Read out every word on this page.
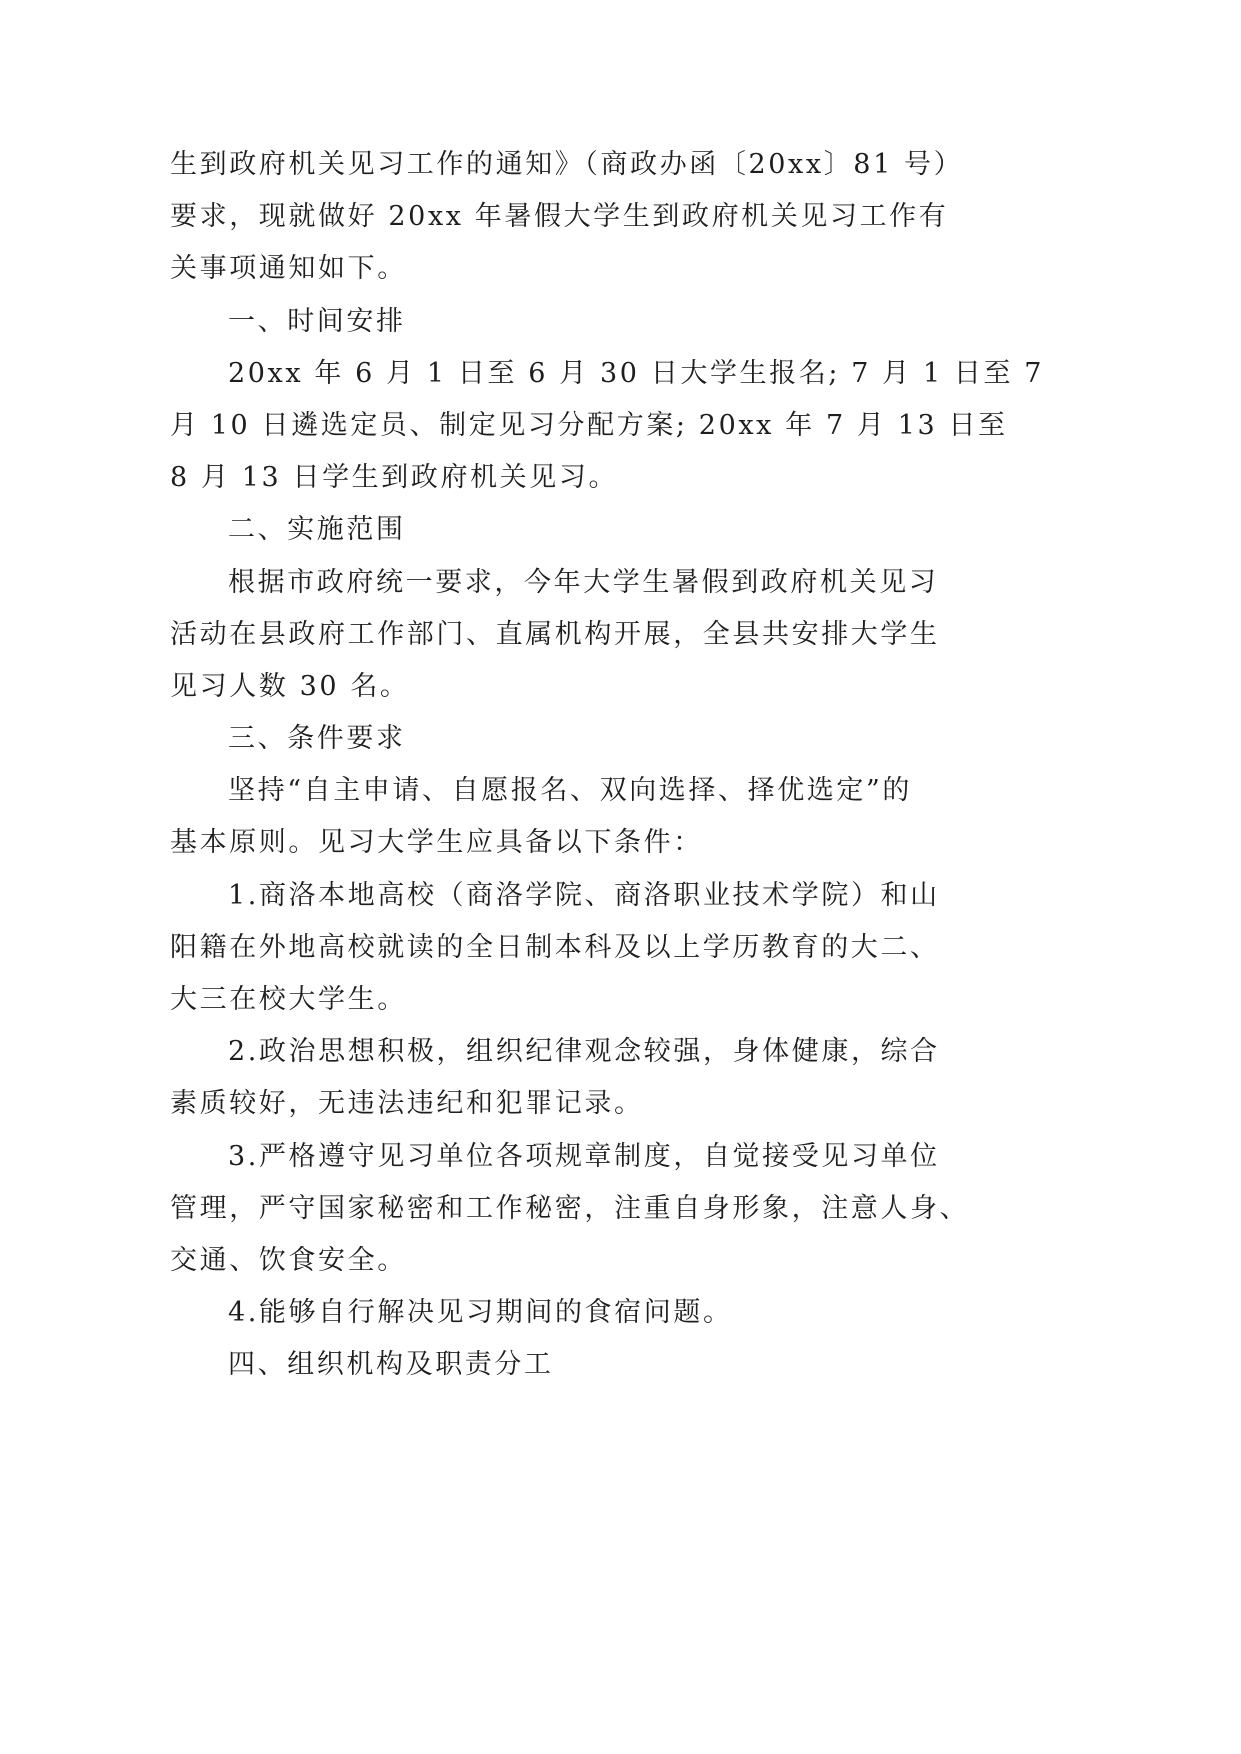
生到政府机关见习工作的通知》（商政办函〔20xx〕81 号）
要求，现就做好 20xx 年暑假大学生到政府机关见习工作有
关事项通知如下。
一、时间安排
20xx 年 6 月 1 日至 6 月 30 日大学生报名; 7 月 1 日至 7
月 10 日遴选定员、制定见习分配方案; 20xx 年 7 月 13 日至
8 月 13 日学生到政府机关见习。
二、实施范围
根据市政府统一要求，今年大学生暑假到政府机关见习
活动在县政府工作部门、直属机构开展，全县共安排大学生
见习人数 30 名。
三、条件要求
坚持“自主申请、自愿报名、双向选择、择优选定”的
基本原则。见习大学生应具备以下条件：
1.商洛本地高校（商洛学院、商洛职业技术学院）和山
阳籍在外地高校就读的全日制本科及以上学历教育的大二、
大三在校大学生。
2.政治思想积极，组织纪律观念较强，身体健康，综合
素质较好，无违法违纪和犯罪记录。
3.严格遵守见习单位各项规章制度，自觉接受见习单位
管理，严守国家秘密和工作秘密，注重自身形象，注意人身、
交通、饮食安全。
4.能够自行解决见习期间的食宿问题。
四、组织机构及职责分工
